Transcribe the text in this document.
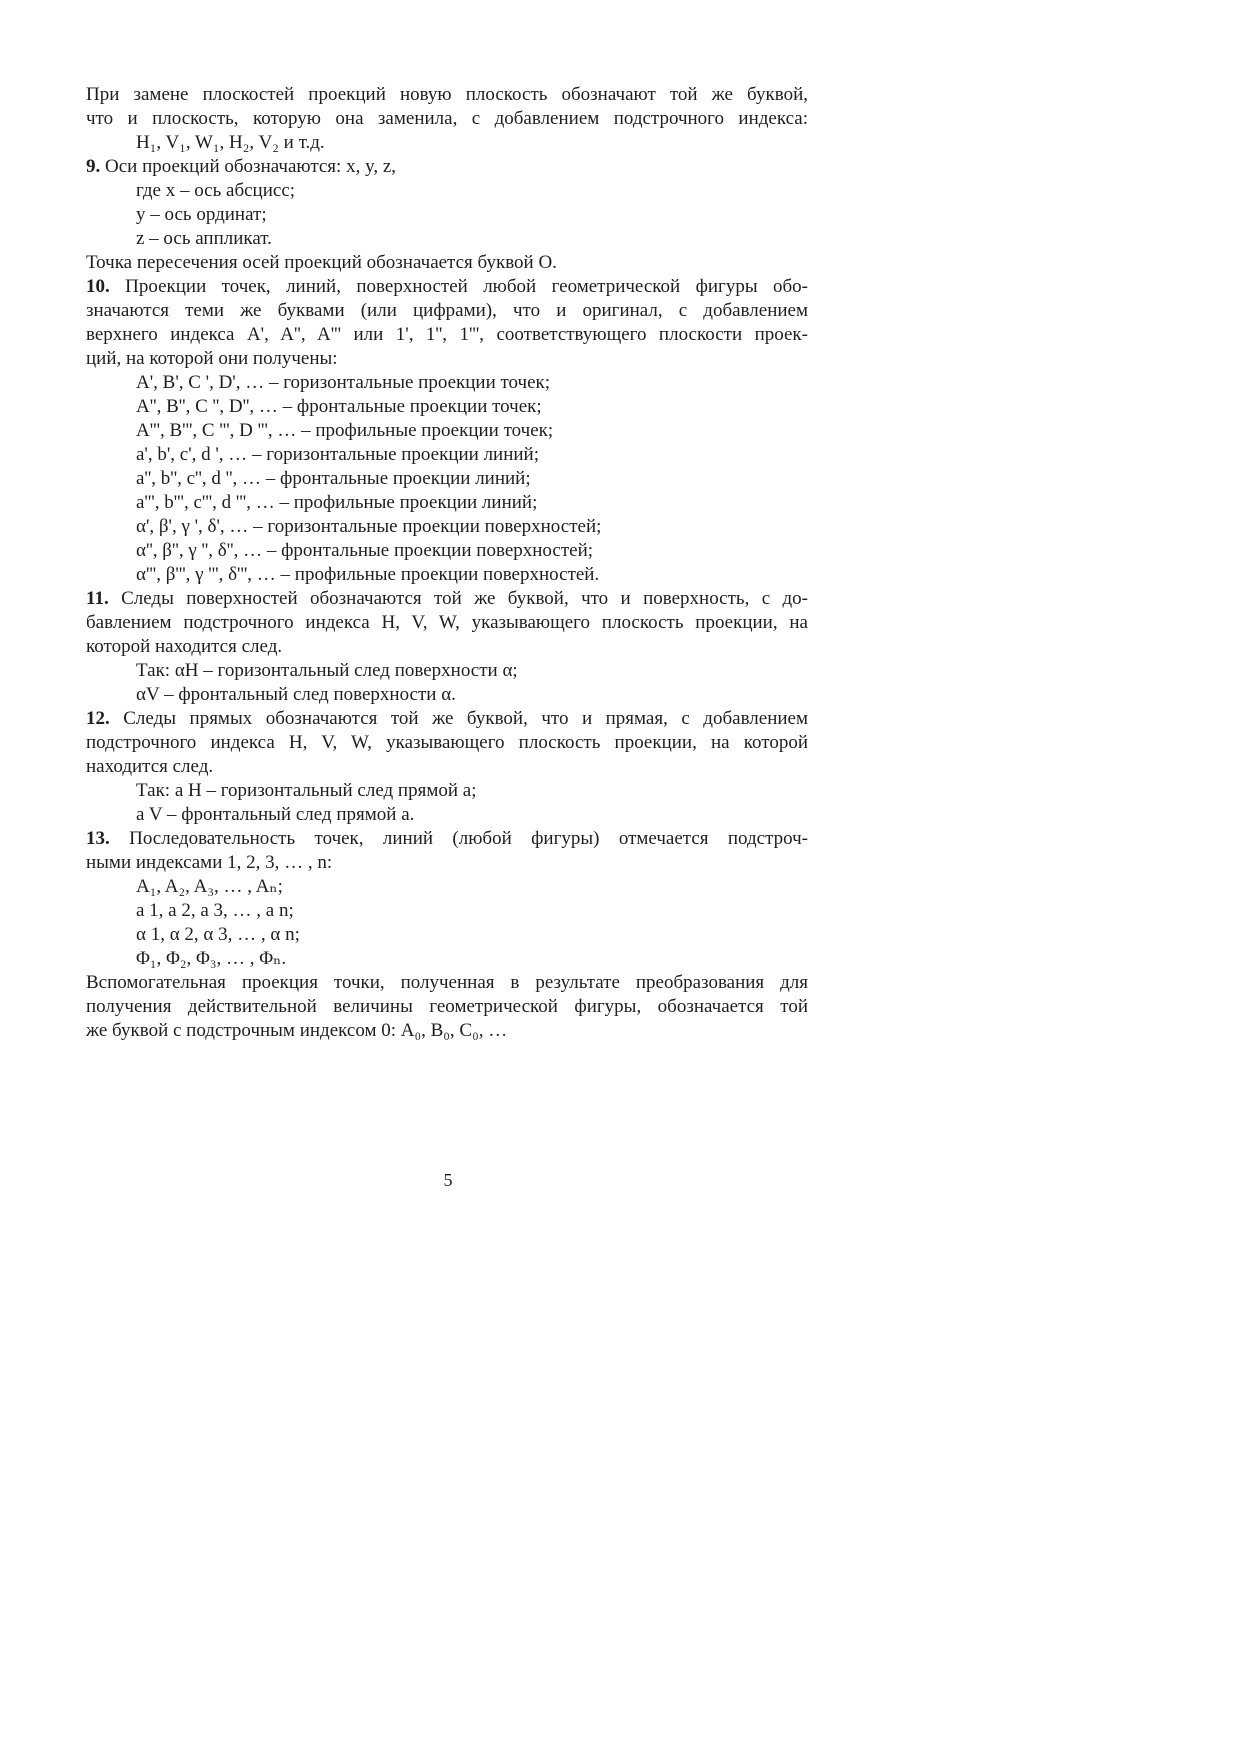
При замене плоскостей проекций новую плоскость обозначают той же буквой,
что и плоскость, которую она заменила, с добавлением подстрочного индекса:
H₁, V₁, W₁, H₂, V₂ и т.д.
9. Оси проекций обозначаются: x, y, z,
где x – ось абсцисс;
y – ось ординат;
z – ось аппликат.
Точка пересечения осей проекций обозначается буквой O.
10. Проекции точек, линий, поверхностей любой геометрической фигуры обо-
значаются теми же буквами (или цифрами), что и оригинал, с добавлением
верхнего индекса A', A'', A''' или 1', 1'', 1''', соответствующего плоскости проек-
ций, на которой они получены:
A', B', C ', D', … – горизонтальные проекции точек;
A'', B'', C '', D'', … – фронтальные проекции точек;
A''', B''', C ''', D ''', … – профильные проекции точек;
a', b', c', d ', … – горизонтальные проекции линий;
a'', b'', c'', d '', … – фронтальные проекции линий;
a''', b''', c''', d ''', … – профильные проекции линий;
α', β', γ ', δ', … – горизонтальные проекции поверхностей;
α'', β'', γ '', δ'', … – фронтальные проекции поверхностей;
α''', β''', γ ''', δ''', … – профильные проекции поверхностей.
11. Следы поверхностей обозначаются той же буквой, что и поверхность, с до-
бавлением подстрочного индекса H, V, W, указывающего плоскость проекции, на
которой находится след.
Так: αH – горизонтальный след поверхности α;
αV – фронтальный след поверхности α.
12. Следы прямых обозначаются той же буквой, что и прямая, с добавлением
подстрочного индекса H, V, W, указывающего плоскость проекции, на которой
находится след.
Так: a H – горизонтальный след прямой a;
a V – фронтальный след прямой a.
13. Последовательность точек, линий (любой фигуры) отмечается подстроч-
ными индексами 1, 2, 3, … , n:
A₁, A₂, A₃, … , Aₙ;
a 1, a 2, a 3, … , a n;
α 1, α 2, α 3, … , α n;
Φ₁, Φ₂, Φ₃, … , Φₙ.
Вспомогательная проекция точки, полученная в результате преобразования для
получения действительной величины геометрической фигуры, обозначается той
же буквой с подстрочным индексом 0: A₀, B₀, C₀, …
5
